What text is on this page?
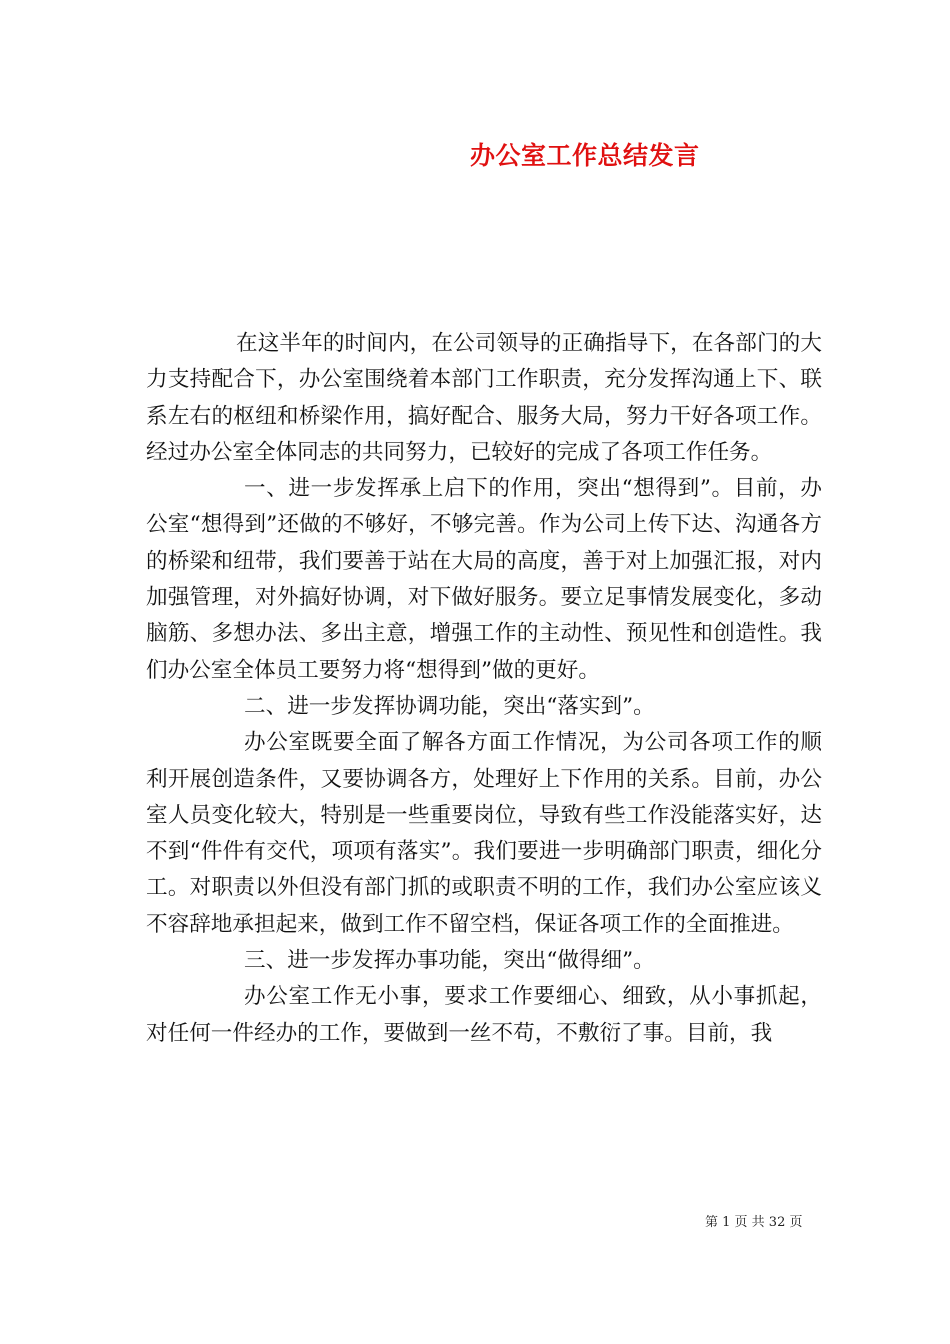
办公室工作总结发言

在这半年的时间内，在公司领导的正确指导下，在各部门的大力支持配合下，办公室围绕着本部门工作职责，充分发挥沟通上下、联系左右的枢纽和桥梁作用，搞好配合、服务大局，努力干好各项工作。经过办公室全体同志的共同努力，已较好的完成了各项工作任务。

一、进一步发挥承上启下的作用，突出“想得到”。目前，办公室“想得到”还做的不够好，不够完善。作为公司上传下达、沟通各方的桥梁和纽带，我们要善于站在大局的高度，善于对上加强汇报，对内加强管理，对外搞好协调，对下做好服务。要立足事情发展变化，多动脑筋、多想办法、多出主意，增强工作的主动性、预见性和创造性。我们办公室全体员工要努力将“想得到”做的更好。

二、进一步发挥协调功能，突出“落实到”。

办公室既要全面了解各方面工作情况，为公司各项工作的顺利开展创造条件，又要协调各方，处理好上下作用的关系。目前，办公室人员变化较大，特别是一些重要岗位，导致有些工作没能落实好，达不到“件件有交代，项项有落实”。我们要进一步明确部门职责，细化分工。对职责以外但没有部门抓的或职责不明的工作，我们办公室应该义不容辞地承担起来，做到工作不留空档，保证各项工作的全面推进。

三、进一步发挥办事功能，突出“做得细”。

办公室工作无小事，要求工作要细心、细致，从小事抓起，对任何一件经办的工作，要做到一丝不苟，不敷衍了事。目前，我

第 1 页 共 32 页
